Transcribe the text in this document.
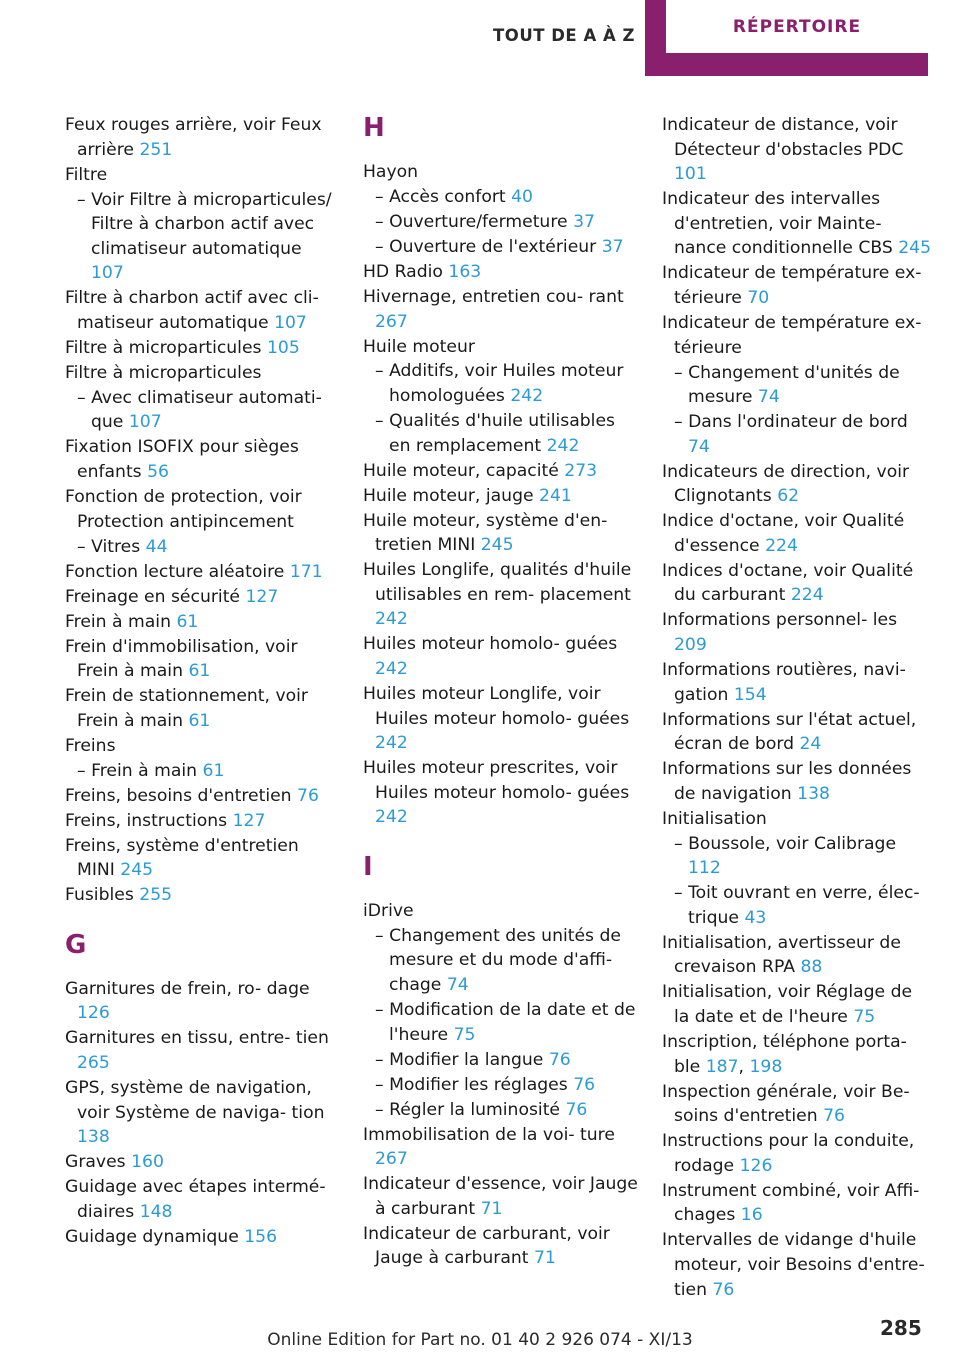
TOUT DE A À Z	RÉPERTOIRE
Feux rouges arrière, voir Feux arrière 251
Filtre
– Voir Filtre à microparticules/ Filtre à charbon actif avec climatiseur automatique 107
Filtre à charbon actif avec cli- matiseur automatique 107
Filtre à microparticules 105
Filtre à microparticules
– Avec climatiseur automati- que 107
Fixation ISOFIX pour sièges enfants 56
Fonction de protection, voir Protection antipincement
– Vitres 44
Fonction lecture aléatoire 171
Freinage en sécurité 127
Frein à main 61
Frein d'immobilisation, voir Frein à main 61
Frein de stationnement, voir Frein à main 61
Freins
– Frein à main 61
Freins, besoins d'entretien 76
Freins, instructions 127
Freins, système d'entretien MINI 245
Fusibles 255
G
Garnitures de frein, ro- dage 126
Garnitures en tissu, entre- tien 265
GPS, système de navigation, voir Système de naviga- tion 138
Graves 160
Guidage avec étapes intermé- diaires 148
Guidage dynamique 156
H
Hayon
– Accès confort 40
– Ouverture/fermeture 37
– Ouverture de l'extérieur 37
HD Radio 163
Hivernage, entretien cou- rant 267
Huile moteur
– Additifs, voir Huiles moteur homologuées 242
– Qualités d'huile utilisables en remplacement 242
Huile moteur, capacité 273
Huile moteur, jauge 241
Huile moteur, système d'en- tretien MINI 245
Huiles Longlife, qualités d'huile utilisables en rem- placement 242
Huiles moteur homolo- guées 242
Huiles moteur Longlife, voir Huiles moteur homolo- guées 242
Huiles moteur prescrites, voir Huiles moteur homolo- guées 242
I
iDrive
– Changement des unités de mesure et du mode d'affi- chage 74
– Modification de la date et de l'heure 75
– Modifier la langue 76
– Modifier les réglages 76
– Régler la luminosité 76
Immobilisation de la voi- ture 267
Indicateur d'essence, voir Jauge à carburant 71
Indicateur de carburant, voir Jauge à carburant 71
Indicateur de distance, voir Détecteur d'obstacles PDC 101
Indicateur des intervalles d'entretien, voir Mainte- nance conditionnelle CBS 245
Indicateur de température ex- térieure 70
Indicateur de température ex- térieure
– Changement d'unités de mesure 74
– Dans l'ordinateur de bord 74
Indicateurs de direction, voir Clignotants 62
Indice d'octane, voir Qualité d'essence 224
Indices d'octane, voir Qualité du carburant 224
Informations personnel- les 209
Informations routières, navi- gation 154
Informations sur l'état actuel, écran de bord 24
Informations sur les données de navigation 138
Initialisation
– Boussole, voir Calibrage 112
– Toit ouvrant en verre, élec- trique 43
Initialisation, avertisseur de crevaison RPA 88
Initialisation, voir Réglage de la date et de l'heure 75
Inscription, téléphone porta- ble 187, 198
Inspection générale, voir Be- soins d'entretien 76
Instructions pour la conduite, rodage 126
Instrument combiné, voir Affi- chages 16
Intervalles de vidange d'huile moteur, voir Besoins d'entre- tien 76
285
Online Edition for Part no. 01 40 2 926 074 - XI/13
